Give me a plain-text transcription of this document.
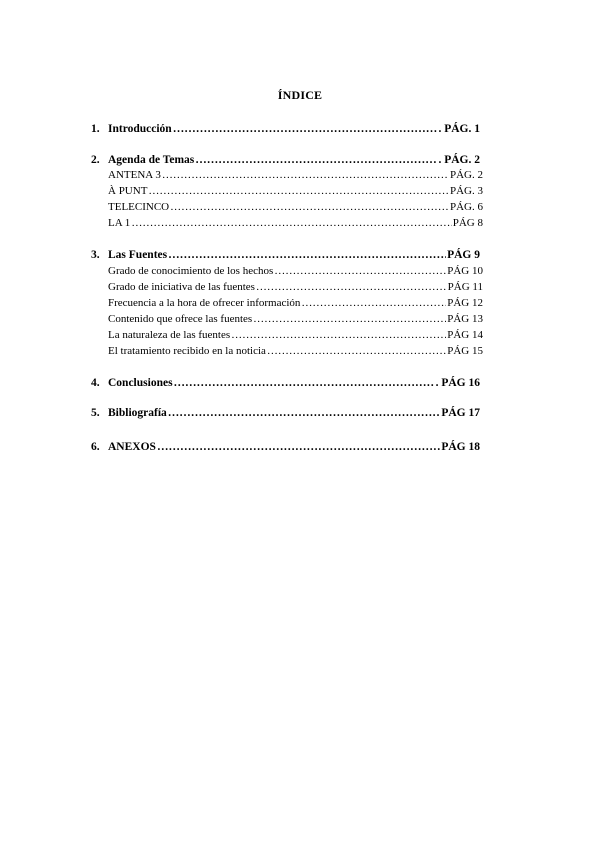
ÍNDICE
1. Introducción …………………………………………………………………………………………………………………………………………………………………	. PÁG. 1
2. Agenda de Temas …………………………………………………………………………………………………………………………………………………………………	. PÁG. 2
ANTENA 3 …………………………………………………………………………………………………………………………………………………………………	PÁG. 2
À PUNT …………………………………………………………………………………………………………………………………………………………………	PÁG. 3
TELECINCO …………………………………………………………………………………………………………………………………………………………………	PÁG. 6
LA 1 …………………………………………………………………………………………………………………………………………………………………	PÁG 8
3. Las Fuentes …………………………………………………………………………………………………………………………………………………………………	PÁG 9
Grado de conocimiento de los hechos …………………………………………………………………………………………………………………………………………………………………	PÁG 10
Grado de iniciativa de las fuentes …………………………………………………………………………………………………………………………………………………………………	PÁG 11
Frecuencia a la hora de ofrecer información …………………………………………………………………………………………………………………………………………………………………	PÁG 12
Contenido que ofrece las fuentes …………………………………………………………………………………………………………………………………………………………………	PÁG 13
La naturaleza de las fuentes …………………………………………………………………………………………………………………………………………………………………	PÁG 14
El tratamiento recibido en la noticia …………………………………………………………………………………………………………………………………………………………………	PÁG 15
4. Conclusiones …………………………………………………………………………………………………………………………………………………………………	. PÁG 16
5. Bibliografía …………………………………………………………………………………………………………………………………………………………………	PÁG 17
6. ANEXOS …………………………………………………………………………………………………………………………………………………………………	PÁG 18
